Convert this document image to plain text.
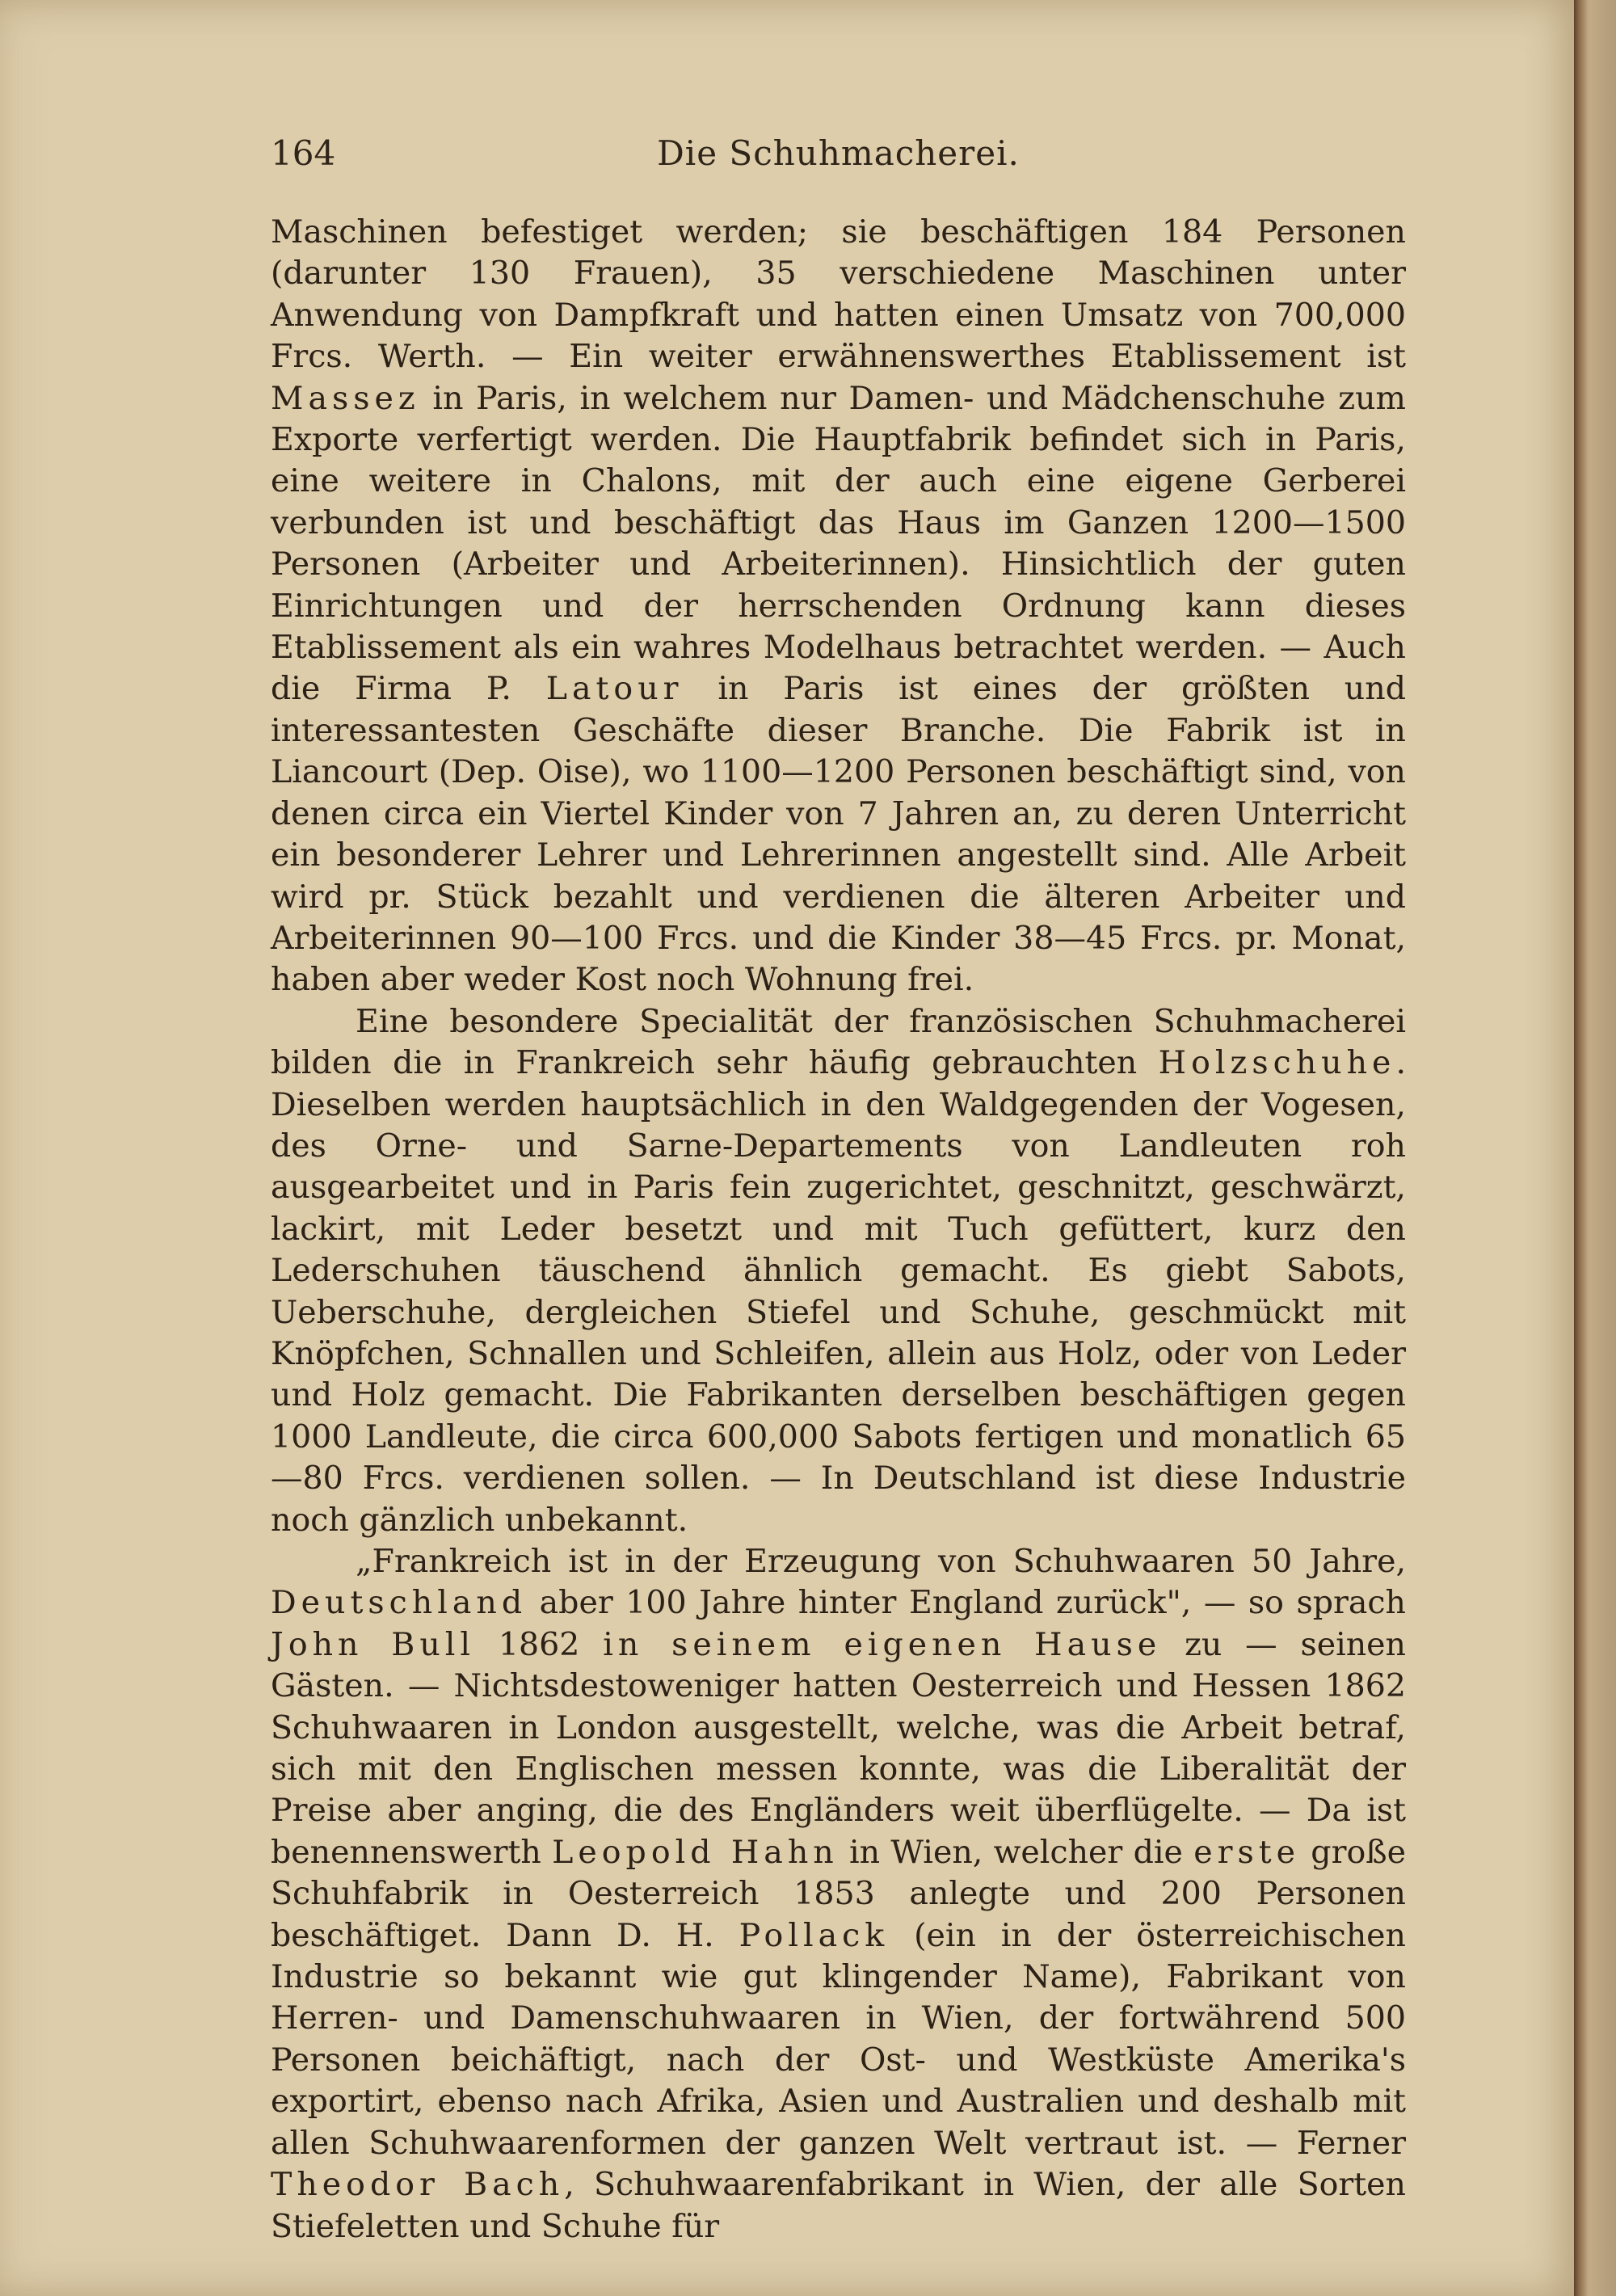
164	Die Schuhmacherei.

Maschinen befestiget werden; sie beschäftigen 184 Personen (darunter 130 Frauen), 35 verschiedene Maschinen unter Anwendung von Dampfkraft und hatten einen Umsatz von 700,000 Frcs. Werth. — Ein weiter erwähnenswerthes Etablissement ist Massez in Paris, in welchem nur Damen- und Mädchenschuhe zum Exporte verfertigt werden. Die Hauptfabrik befindet sich in Paris, eine weitere in Chalons, mit der auch eine eigene Gerberei verbunden ist und beschäftigt das Haus im Ganzen 1200—1500 Personen (Arbeiter und Arbeiterinnen). Hinsichtlich der guten Einrichtungen und der herrschenden Ordnung kann dieses Etablissement als ein wahres Modelhaus betrachtet werden. — Auch die Firma P. Latour in Paris ist eines der größten und interessantesten Geschäfte dieser Branche. Die Fabrik ist in Liancourt (Dep. Oise), wo 1100—1200 Personen beschäftigt sind, von denen circa ein Viertel Kinder von 7 Jahren an, zu deren Unterricht ein besonderer Lehrer und Lehrerinnen angestellt sind. Alle Arbeit wird pr. Stück bezahlt und verdienen die älteren Arbeiter und Arbeiterinnen 90—100 Frcs. und die Kinder 38—45 Frcs. pr. Monat, haben aber weder Kost noch Wohnung frei.

Eine besondere Specialität der französischen Schuhmacherei bilden die in Frankreich sehr häufig gebrauchten Holzschuhe. Dieselben werden hauptsächlich in den Waldgegenden der Vogesen, des Orne- und Sarne-Departements von Landleuten roh ausgearbeitet und in Paris fein zugerichtet, geschnitzt, geschwärzt, lackirt, mit Leder besetzt und mit Tuch gefüttert, kurz den Lederschuhen täuschend ähnlich gemacht. Es giebt Sabots, Ueberschuhe, dergleichen Stiefel und Schuhe, geschmückt mit Knöpfchen, Schnallen und Schleifen, allein aus Holz, oder von Leder und Holz gemacht. Die Fabrikanten derselben beschäftigen gegen 1000 Landleute, die circa 600,000 Sabots fertigen und monatlich 65—80 Frcs. verdienen sollen. — In Deutschland ist diese Industrie noch gänzlich unbekannt.

„Frankreich ist in der Erzeugung von Schuhwaaren 50 Jahre, Deutschland aber 100 Jahre hinter England zurück", — so sprach John Bull 1862 in seinem eigenen Hause zu — seinen Gästen. — Nichtsdestoweniger hatten Oesterreich und Hessen 1862 Schuhwaaren in London ausgestellt, welche, was die Arbeit betraf, sich mit den Englischen messen konnte, was die Liberalität der Preise aber anging, die des Engländers weit überflügelte. — Da ist benennenswerth Leopold Hahn in Wien, welcher die erste große Schuhfabrik in Oesterreich 1853 anlegte und 200 Personen beschäftiget. Dann D. H. Pollack (ein in der österreichischen Industrie so bekannt wie gut klingender Name), Fabrikant von Herren- und Damenschuhwaaren in Wien, der fortwährend 500 Personen beichäftigt, nach der Ost- und Westküste Amerika's exportirt, ebenso nach Afrika, Asien und Australien und deshalb mit allen Schuhwaarenformen der ganzen Welt vertraut ist. — Ferner Theodor Bach, Schuhwaarenfabrikant in Wien, der alle Sorten Stiefeletten und Schuhe für
